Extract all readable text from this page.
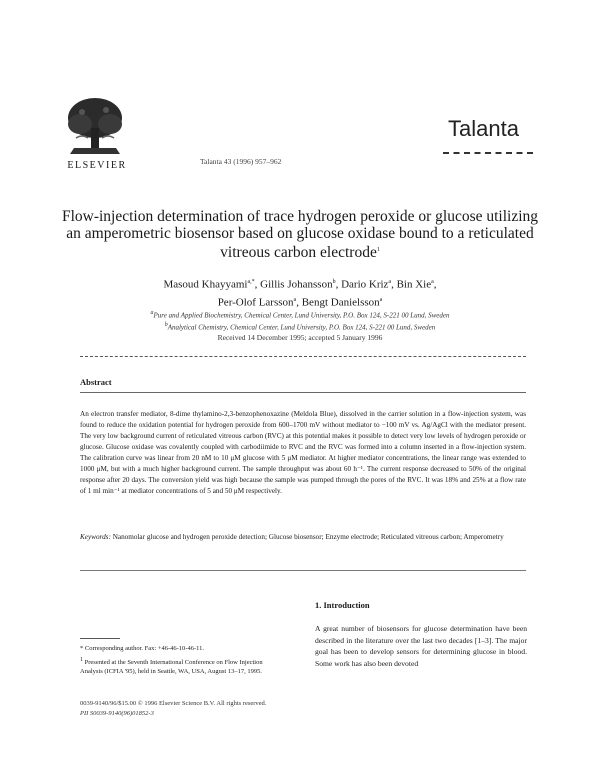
ELSEVIER	Talanta 43 (1996) 957–962
Talanta
Flow-injection determination of trace hydrogen peroxide or glucose utilizing an amperometric biosensor based on glucose oxidase bound to a reticulated vitreous carbon electrode$^1$
Masoud Khayyami$^{a,*}$, Gillis Johansson$^b$, Dario Kriz$^a$, Bin Xie$^a$,
Per-Olof Larsson$^a$, Bengt Danielsson$^a$
$^a$Pure and Applied Biochemistry, Chemical Center, Lund University, P.O. Box 124, S-221 00 Lund, Sweden
$^b$Analytical Chemistry, Chemical Center, Lund University, P.O. Box 124, S-221 00 Lund, Sweden
Received 14 December 1995; accepted 5 January 1996
Abstract
An electron transfer mediator, 8-dime thylamino-2,3-benzophenoxazine (Meldola Blue), dissolved in the carrier solution in a flow-injection system, was found to reduce the oxidation potential for hydrogen peroxide from 600–1700 mV without mediator to −100 mV vs. Ag/AgCl with the mediator present. The very low background current of reticulated vitreous carbon (RVC) at this potential makes it possible to detect very low levels of hydrogen peroxide or glucose. Glucose oxidase was covalently coupled with carbodiimide to RVC and the RVC was formed into a column inserted in a flow-injection system. The calibration curve was linear from 20 nM to 10 μM glucose with 5 μM mediator. At higher mediator concentrations, the linear range was extended to 1000 μM, but with a much higher background current. The sample throughput was about 60 h⁻¹. The current response decreased to 50% of the original response after 20 days. The conversion yield was high because the sample was pumped through the pores of the RVC. It was 18% and 25% at a flow rate of 1 ml min⁻¹ at mediator concentrations of 5 and 50 μM respectively.
Keywords: Nanomolar glucose and hydrogen peroxide detection; Glucose biosensor; Enzyme electrode; Reticulated vitreous carbon; Amperometry
1. Introduction
A great number of biosensors for glucose determination have been described in the literature over the last two decades [1–3]. The major goal has been to develop sensors for determining glucose in blood. Some work has also been devoted
* Corresponding author. Fax: +46-46-10-46-11.
$^1$ Presented at the Seventh International Conference on Flow Injection Analysis (ICFIA '95), held in Seattle, WA, USA, August 13–17, 1995.
0039-9140/96/$15.00 © 1996 Elsevier Science B.V. All rights reserved.
PII S0039-9140(96)01852-3
